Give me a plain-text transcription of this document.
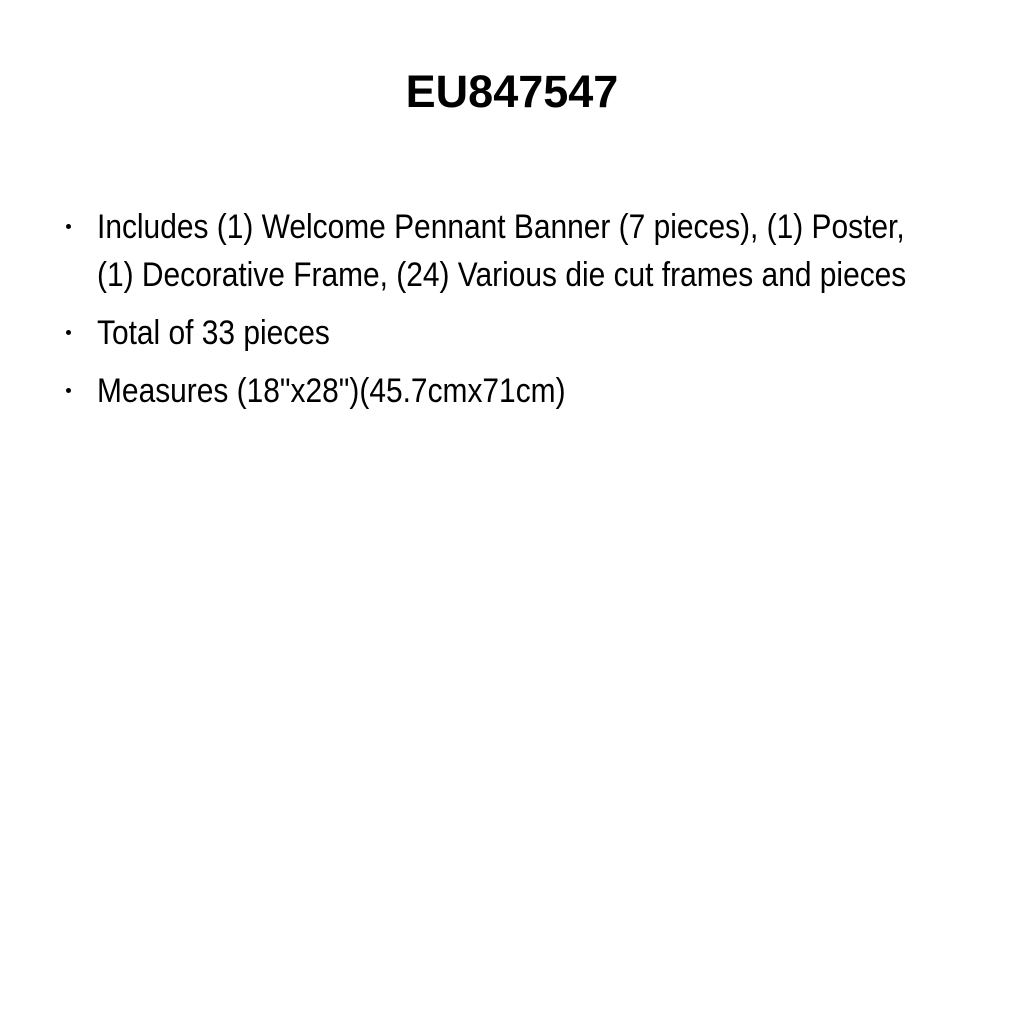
EU847547
Includes (1) Welcome Pennant Banner (7 pieces), (1) Poster, (1) Decorative Frame, (24) Various die cut frames and pieces
Total of 33 pieces
Measures (18"x28")(45.7cmx71cm)
